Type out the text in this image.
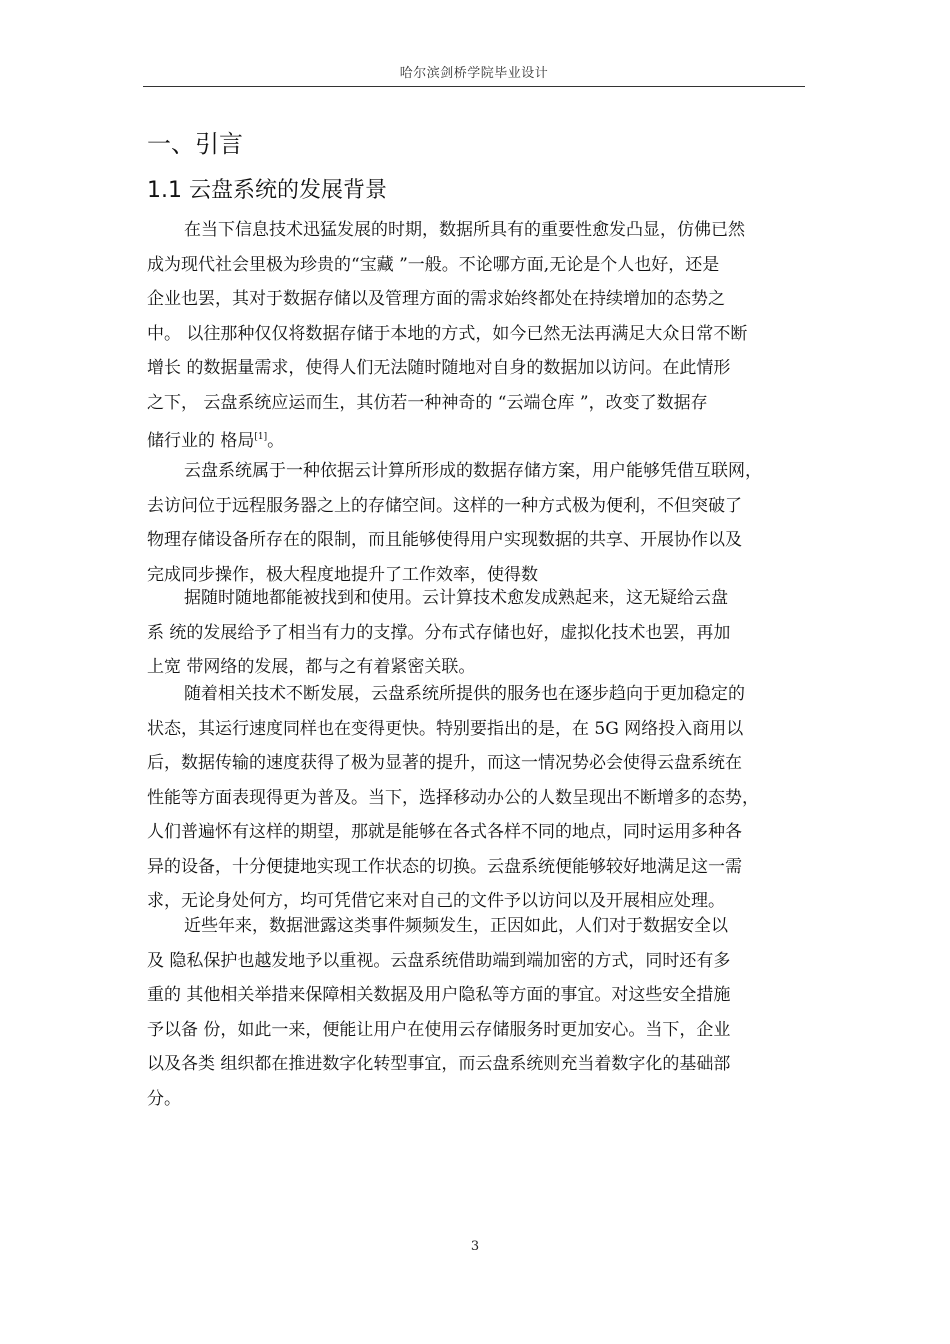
哈尔滨剑桥学院毕业设计
一、引言
1.1 云盘系统的发展背景
在当下信息技术迅猛发展的时期，数据所具有的重要性愈发凸显，仿佛已然
成为现代社会里极为珍贵的“宝藏 ”一般。不论哪方面,无论是个人也好，还是
企业也罢，其对于数据存储以及管理方面的需求始终都处在持续增加的态势之
中。 以往那种仅仅将数据存储于本地的方式，如今已然无法再满足大众日常不断
增长 的数据量需求，使得人们无法随时随地对自身的数据加以访问。在此情形
之下， 云盘系统应运而生，其仿若一种神奇的 “云端仓库 ”，改变了数据存
储行业的 格局[1]。
云盘系统属于一种依据云计算所形成的数据存储方案，用户能够凭借互联网，
去访问位于远程服务器之上的存储空间。这样的一种方式极为便利，不但突破了
物理存储设备所存在的限制，而且能够使得用户实现数据的共享、开展协作以及
完成同步操作，极大程度地提升了工作效率，使得数
据随时随地都能被找到和使用。云计算技术愈发成熟起来，这无疑给云盘
系 统的发展给予了相当有力的支撑。分布式存储也好，虚拟化技术也罢，再加
上宽 带网络的发展，都与之有着紧密关联。
随着相关技术不断发展，云盘系统所提供的服务也在逐步趋向于更加稳定的
状态，其运行速度同样也在变得更快。特别要指出的是，在 5G 网络投入商用以
后，数据传输的速度获得了极为显著的提升，而这一情况势必会使得云盘系统在
性能等方面表现得更为普及。当下，选择移动办公的人数呈现出不断增多的态势，
人们普遍怀有这样的期望，那就是能够在各式各样不同的地点，同时运用多种各
异的设备，十分便捷地实现工作状态的切换。云盘系统便能够较好地满足这一需
求，无论身处何方，均可凭借它来对自己的文件予以访问以及开展相应处理。
近些年来，数据泄露这类事件频频发生，正因如此，人们对于数据安全以
及 隐私保护也越发地予以重视。云盘系统借助端到端加密的方式，同时还有多
重的 其他相关举措来保障相关数据及用户隐私等方面的事宜。对这些安全措施
予以备 份，如此一来，便能让用户在使用云存储服务时更加安心。当下，企业
以及各类 组织都在推进数字化转型事宜，而云盘系统则充当着数字化的基础部
分。
3
